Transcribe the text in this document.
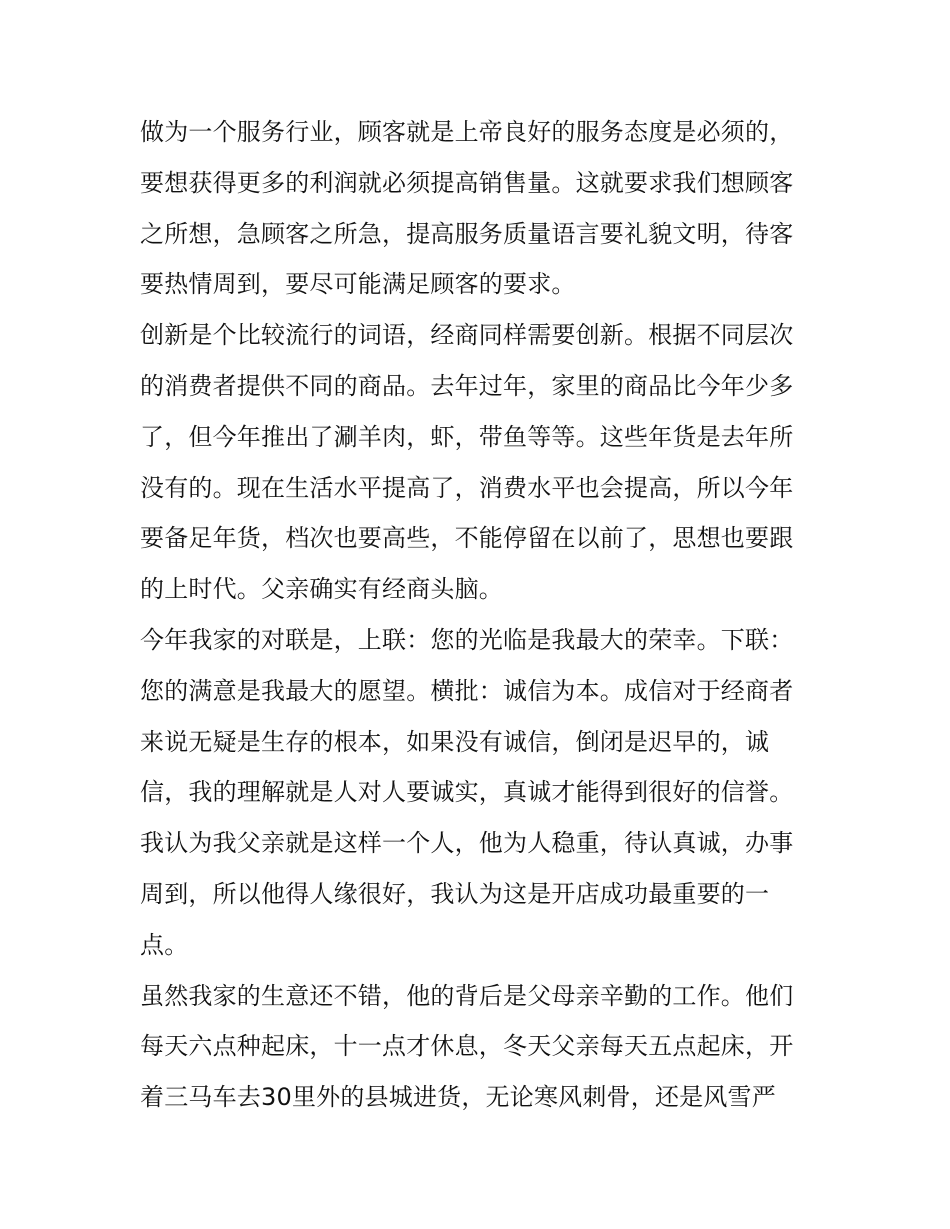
做为一个服务行业，顾客就是上帝良好的服务态度是必须的，
要想获得更多的利润就必须提高销售量。这就要求我们想顾客
之所想，急顾客之所急，提高服务质量语言要礼貌文明，待客
要热情周到，要尽可能满足顾客的要求。
创新是个比较流行的词语，经商同样需要创新。根据不同层次
的消费者提供不同的商品。去年过年，家里的商品比今年少多
了，但今年推出了涮羊肉，虾，带鱼等等。这些年货是去年所
没有的。现在生活水平提高了，消费水平也会提高，所以今年
要备足年货，档次也要高些，不能停留在以前了，思想也要跟
的上时代。父亲确实有经商头脑。
今年我家的对联是，上联：您的光临是我最大的荣幸。下联：
您的满意是我最大的愿望。横批：诚信为本。成信对于经商者
来说无疑是生存的根本，如果没有诚信，倒闭是迟早的，诚
信，我的理解就是人对人要诚实，真诚才能得到很好的信誉。
我认为我父亲就是这样一个人，他为人稳重，待认真诚，办事
周到，所以他得人缘很好，我认为这是开店成功最重要的一
点。
虽然我家的生意还不错，他的背后是父母亲辛勤的工作。他们
每天六点种起床，十一点才休息，冬天父亲每天五点起床，开
着三马车去30里外的县城进货，无论寒风刺骨，还是风雪严
